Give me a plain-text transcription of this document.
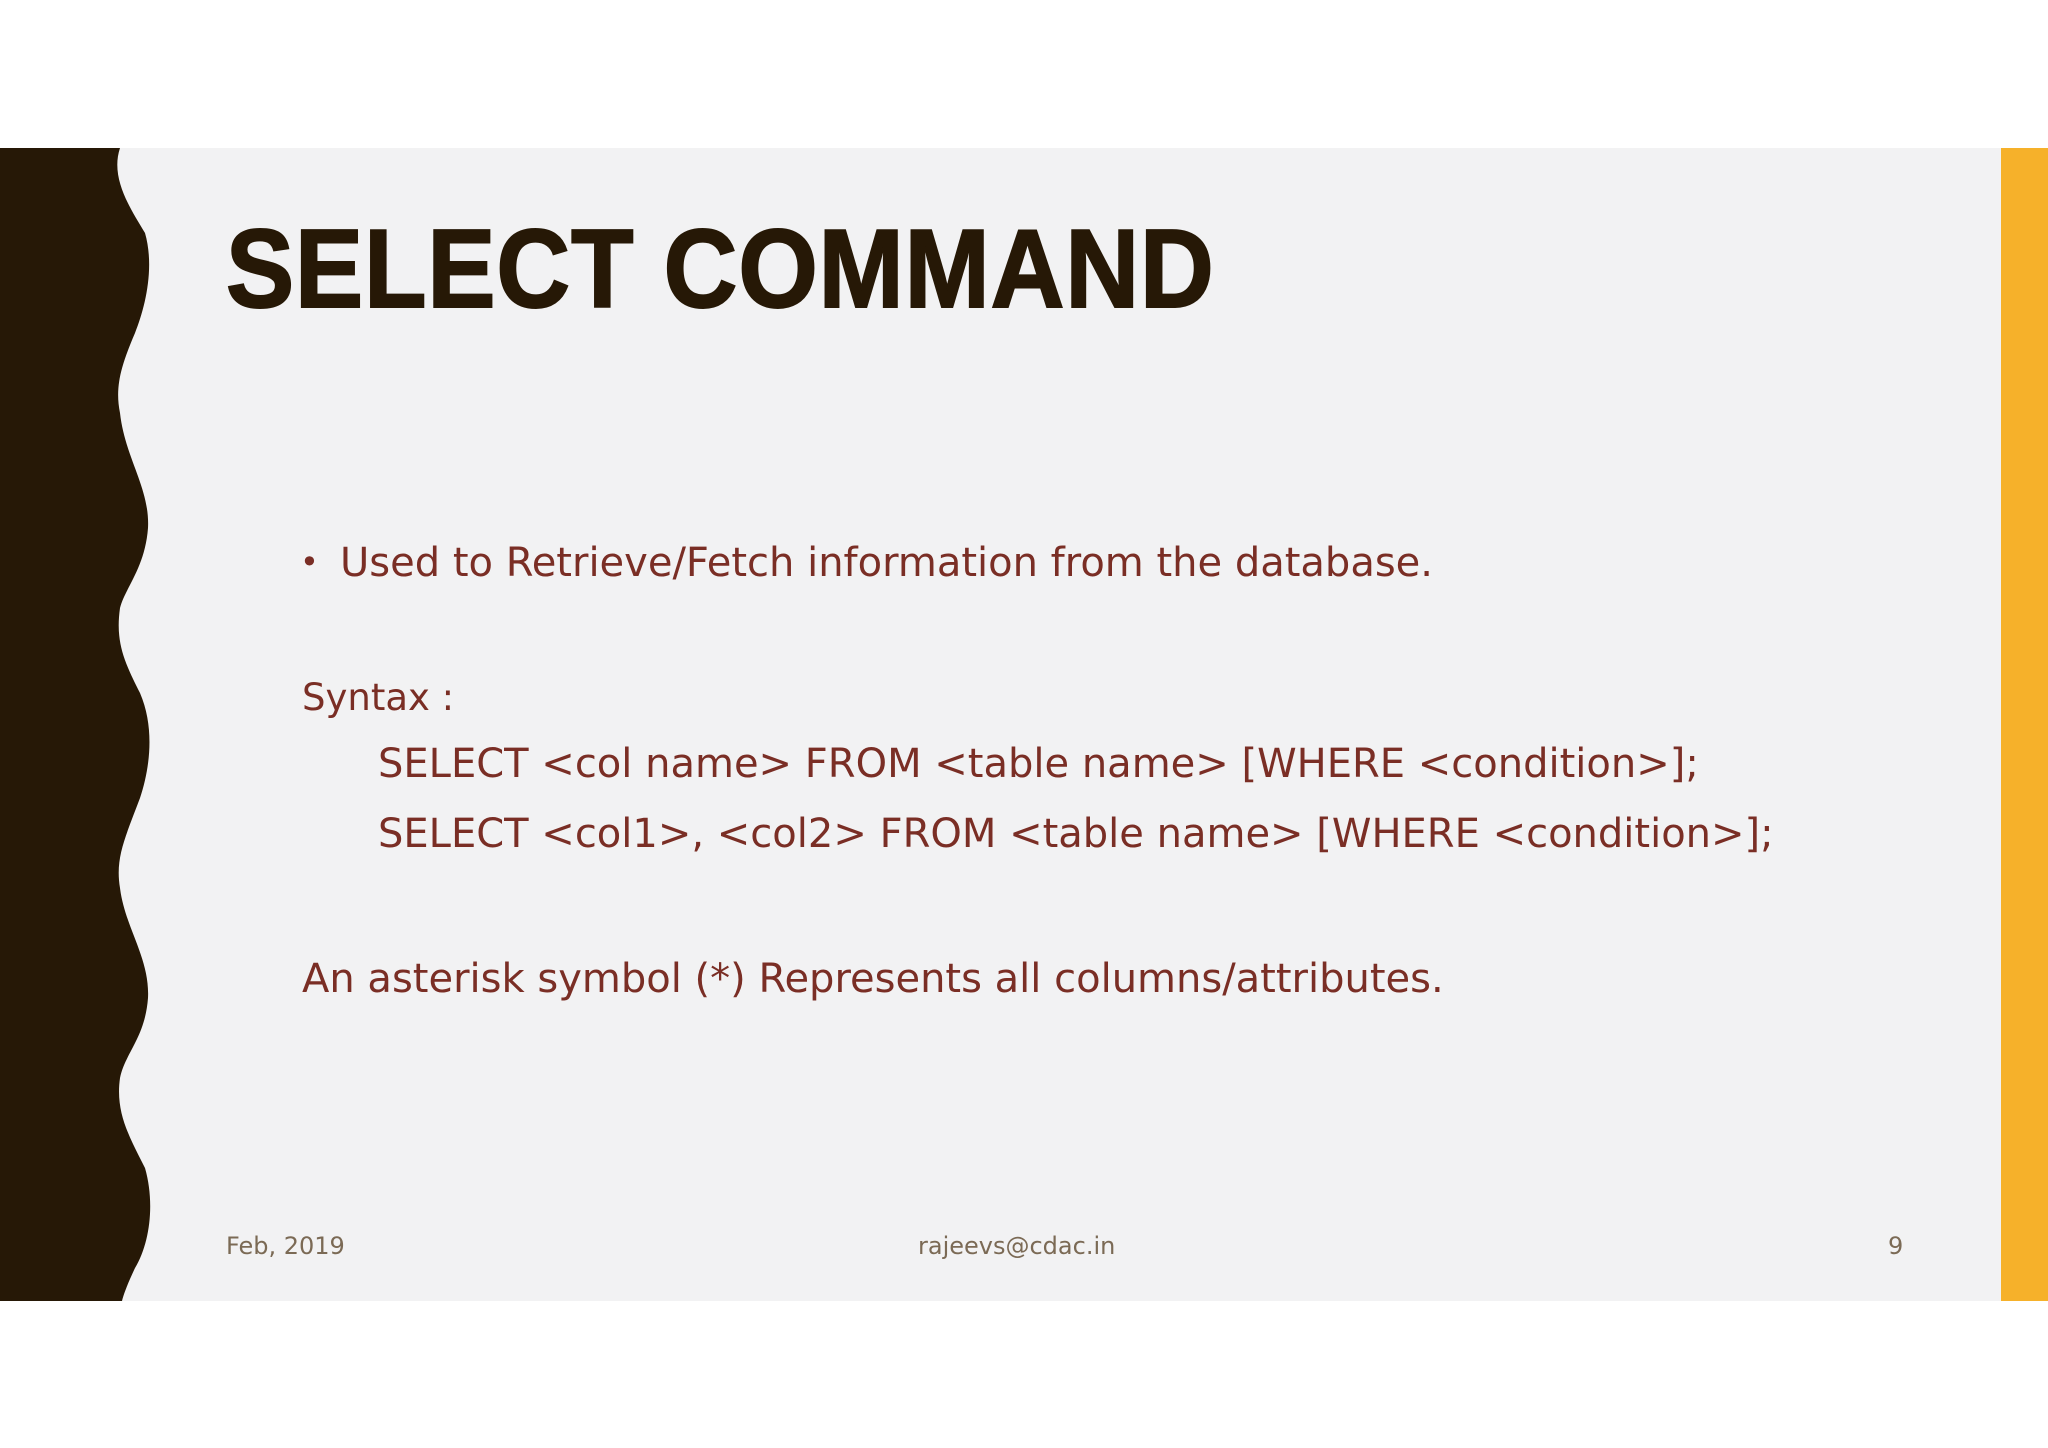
SELECT COMMAND
• Used to Retrieve/Fetch information from the database.
Syntax :
SELECT <col name> FROM <table name> [WHERE <condition>];
SELECT <col1>, <col2> FROM <table name> [WHERE <condition>];
An asterisk symbol (*) Represents all columns/attributes.
Feb, 2019	rajeevs@cdac.in	9
